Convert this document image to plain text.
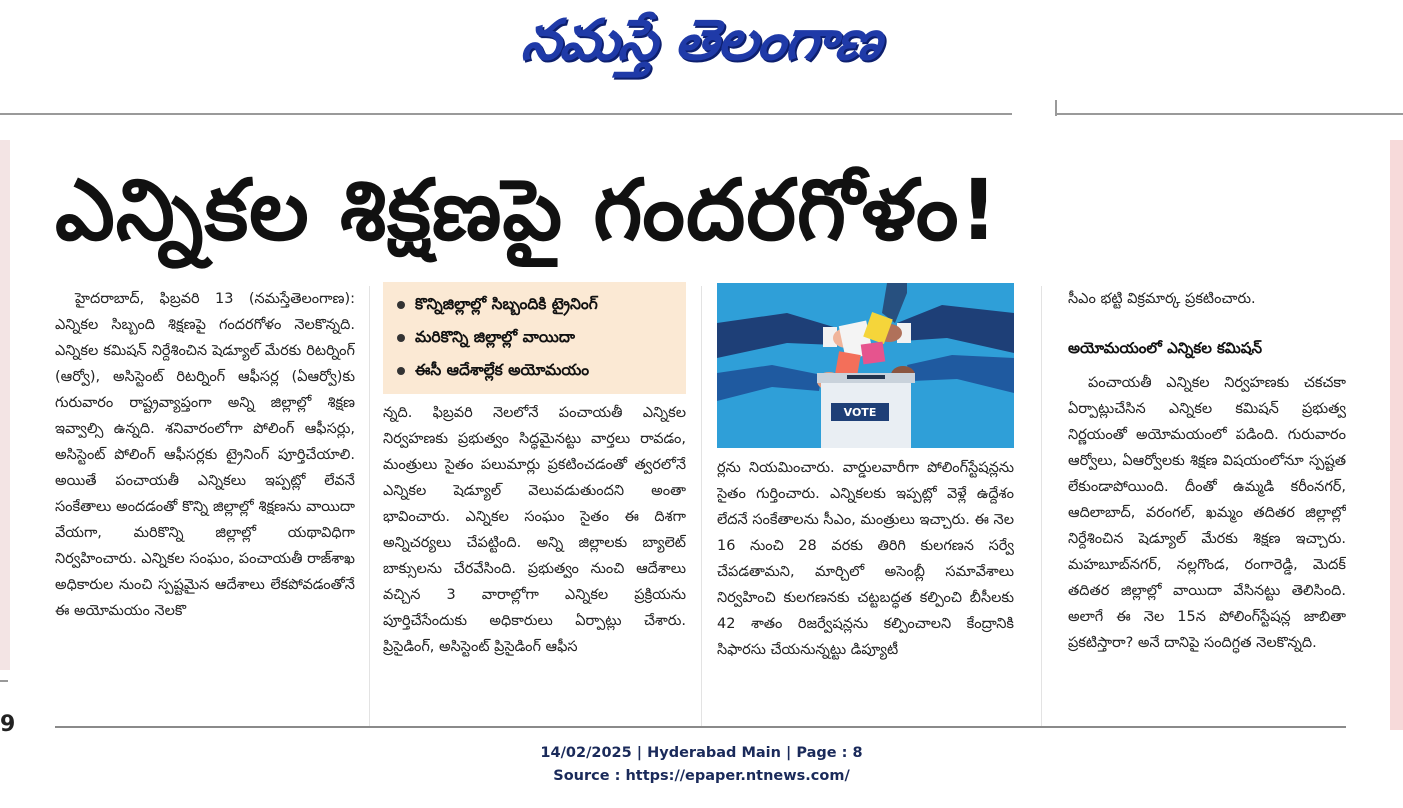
నమస్తే తెలంగాణ
9
ఎన్నికల శిక్షణపై గందరగోళం!
హైదరాబాద్‌, ఫిబ్రవరి 13 (నమస్తేతెలంగాణ): ఎన్నికల సిబ్బంది శిక్షణపై గందరగోళం నెలకొన్నది. ఎన్నికల కమిషన్‌ నిర్దేశించిన షెడ్యూల్‌ మేరకు రిటర్నింగ్‌ (ఆర్వో), అసిస్టెంట్‌ రిటర్నింగ్‌ ఆఫీసర్ల (ఏఆర్వో)కు గురువారం రాష్ట్రవ్యాప్తంగా అన్ని జిల్లాల్లో శిక్షణ ఇవ్వాల్సి ఉన్నది. శనివారంలోగా పోలింగ్‌ ఆఫీసర్లు, అసిస్టెంట్‌ పోలింగ్‌ ఆఫీసర్లకు ట్రైనింగ్‌ పూర్తిచేయాలి. అయితే పంచాయతీ ఎన్నికలు ఇప్పట్లో లేవనే సంకేతాలు అందడంతో కొన్ని జిల్లాల్లో శిక్షణను వాయిదా వేయగా, మరికొన్ని జిల్లాల్లో యథావిధిగా నిర్వహించారు. ఎన్నికల సంఘం, పంచాయతీ రాజ్‌శాఖ అధికారుల నుంచి స్పష్టమైన ఆదేశాలు లేకపోవడంతోనే ఈ అయోమయం నెలకొ
కొన్నిజిల్లాల్లో సిబ్బందికి ట్రైనింగ్
మరికొన్ని జిల్లాల్లో వాయిదా
ఈసీ ఆదేశాల్లేక అయోమయం
న్నది. ఫిబ్రవరి నెలలోనే పంచాయతీ ఎన్నికల నిర్వహణకు ప్రభుత్వం సిద్ధమైనట్టు వార్తలు రావడం, మంత్రులు సైతం పలుమార్లు ప్రకటించడంతో త్వరలోనే ఎన్నికల షెడ్యూల్‌ వెలువడుతుందని అంతా భావించారు. ఎన్నికల సంఘం సైతం ఈ దిశగా అన్నిచర్యలు చేపట్టింది. అన్ని జిల్లాలకు బ్యాలెట్‌ బాక్సులను చేరవేసింది. ప్రభుత్వం నుంచి ఆదేశాలు వచ్చిన 3 వారాల్లోగా ఎన్నికల ప్రక్రియను పూర్తిచేసేందుకు అధికారులు ఏర్పాట్లు చేశారు. ప్రిసైడింగ్‌, అసిస్టెంట్‌ ప్రిసైడింగ్‌ ఆఫీస
VOTE
ర్లను నియమించారు. వార్డులవారీగా పోలింగ్‌స్టేషన్లను సైతం గుర్తించారు. ఎన్నికలకు ఇప్పట్లో వెళ్లే ఉద్దేశం లేదనే సంకేతాలను సీఎం, మంత్రులు ఇచ్చారు. ఈ నెల 16 నుంచి 28 వరకు తిరిగి కులగణన సర్వే చేపడతామని, మార్చిలో అసెంబ్లీ సమావేశాలు నిర్వహించి కులగణనకు చట్టబద్ధత కల్పించి బీసీలకు 42 శాతం రిజర్వేషన్లను కల్పించాలని కేంద్రానికి సిఫారసు చేయనున్నట్టు డిప్యూటీ
సీఎం భట్టి విక్రమార్క ప్రకటించారు.
అయోమయంలో ఎన్నికల కమిషన్‌
పంచాయతీ ఎన్నికల నిర్వహణకు చకచకా ఏర్పాట్లుచేసిన ఎన్నికల కమిషన్‌ ప్రభుత్వ నిర్ణయంతో అయోమయంలో పడింది. గురువారం ఆర్వోలు, ఏఆర్వోలకు శిక్షణ విషయంలోనూ స్పష్టత లేకుండాపోయింది. దీంతో ఉమ్మడి కరీంనగర్‌, ఆదిలాబాద్‌, వరంగల్‌, ఖమ్మం తదితర జిల్లాల్లో నిర్దేశించిన షెడ్యూల్‌ మేరకు శిక్షణ ఇచ్చారు. మహబూబ్‌నగర్‌, నల్లగొండ, రంగారెడ్డి, మెదక్‌ తదితర జిల్లాల్లో వాయిదా వేసినట్టు తెలిసింది. అలాగే ఈ నెల 15న పోలింగ్‌స్టేషన్ల జాబితా ప్రకటిస్తారా? అనే దానిపై సందిగ్ధత నెలకొన్నది.
14/02/2025 | Hyderabad Main | Page : 8
Source : https://epaper.ntnews.com/
